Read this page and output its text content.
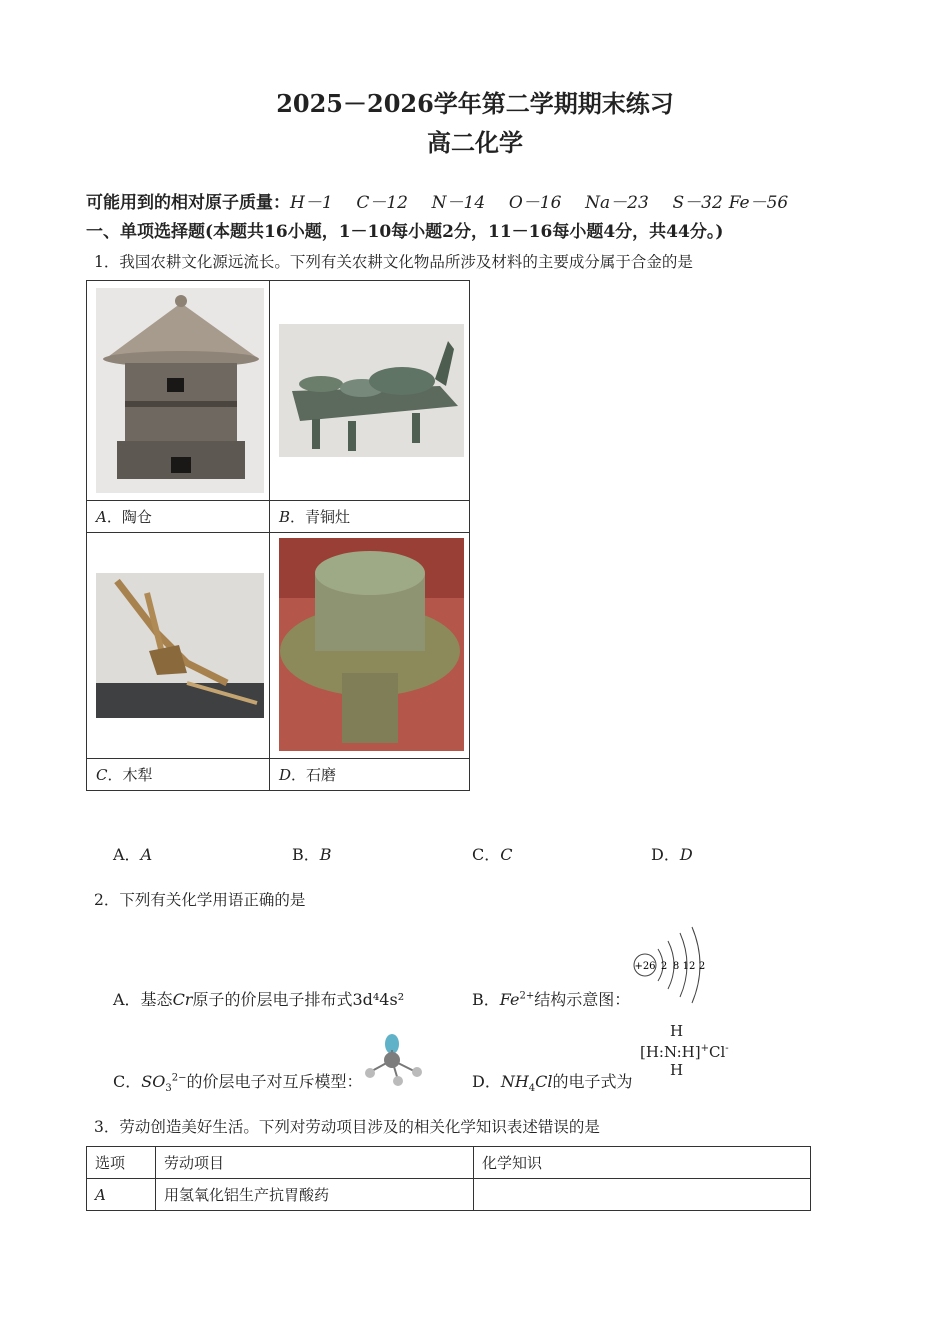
2025－2026学年第二学期期末练习
高二化学
可能用到的相对原子质量：H－1 C－12 N－14 O－16 Na－23 S－32 Fe－56
一、单项选择题(本题共16小题，1－10每小题2分，11－16每小题4分，共44分。)
1．我国农耕文化源远流长。下列有关农耕文化物品所涉及材料的主要成分属于合金的是

A．陶仓	B．青铜灶

C．木犁	D．石磨
A．A	B．B	C．C	D．D
2．下列有关化学用语正确的是
A．基态Cr原子的价层电子排布式3d⁴4s²	B．$Fe^{2+}$结构示意图：
+26 2 8 12 2
C．$SO_3^{2-}$的价层电子对互斥模型：	D．$NH_4Cl$的电子式为
H
[H:N:H]+Cl-
H
3．劳动创造美好生活。下列对劳动项目涉及的相关化学知识表述错误的是
选项	劳动项目	化学知识
A	用氢氧化铝生产抗胃酸药	
